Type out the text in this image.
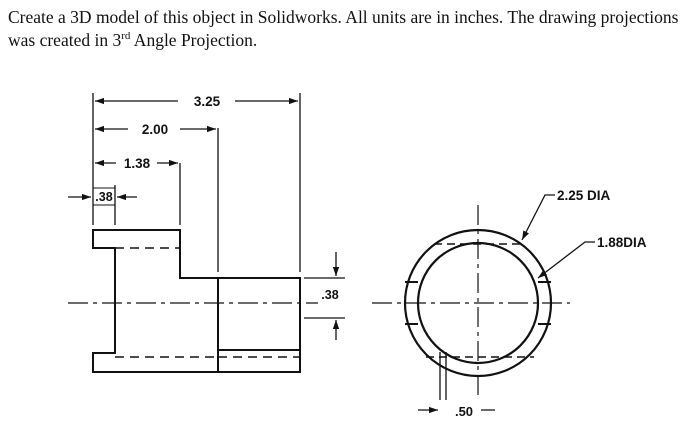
Create a 3D model of this object in Solidworks. All units are in inches. The drawing projections
was created in 3rd Angle Projection.
3.25
2.00
1.38
.38
.38
2.25 DIA
1.88DIA
.50
